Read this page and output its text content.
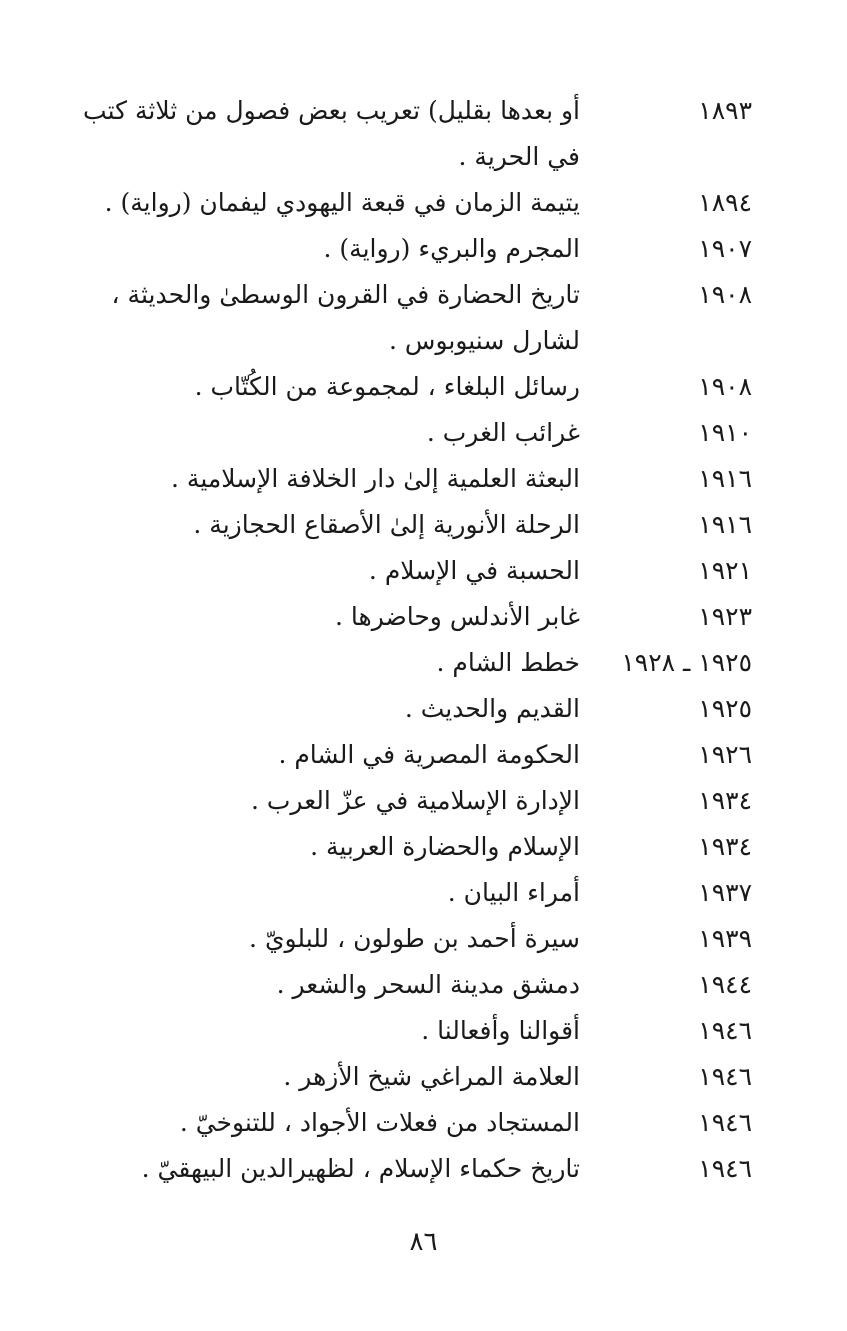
١٨٩٣
أو بعدها بقليل) تعريب بعض فصول من ثلاثة كتب في الحرية .
١٨٩٤
يتيمة الزمان في قبعة اليهودي ليفمان (رواية) .
١٩٠٧
المجرم والبريء (رواية) .
١٩٠٨
تاريخ الحضارة في القرون الوسطیٰ والحديثة ، لشارل سنيوبوس .
١٩٠٨
رسائل البلغاء ، لمجموعة من الكُتّاب .
١٩١٠
غرائب الغرب .
١٩١٦
البعثة العلمية إلىٰ دار الخلافة الإسلامية .
١٩١٦
الرحلة الأنورية إلىٰ الأصقاع الحجازية .
١٩٢١
الحسبة في الإسلام .
١٩٢٣
غابر الأندلس وحاضرها .
١٩٢٥ ـ ١٩٢٨
خطط الشام .
١٩٢٥
القديم والحديث .
١٩٢٦
الحكومة المصرية في الشام .
١٩٣٤
الإدارة الإسلامية في عزّ العرب .
١٩٣٤
الإسلام والحضارة العربية .
١٩٣٧
أمراء البيان .
١٩٣٩
سيرة أحمد بن طولون ، للبلويّ .
١٩٤٤
دمشق مدينة السحر والشعر .
١٩٤٦
أقوالنا وأفعالنا .
١٩٤٦
العلامة المراغي شيخ الأزهر .
١٩٤٦
المستجاد من فعلات الأجواد ، للتنوخيّ .
١٩٤٦
تاريخ حكماء الإسلام ، لظهيرالدين البيهقيّ .
٨٦
